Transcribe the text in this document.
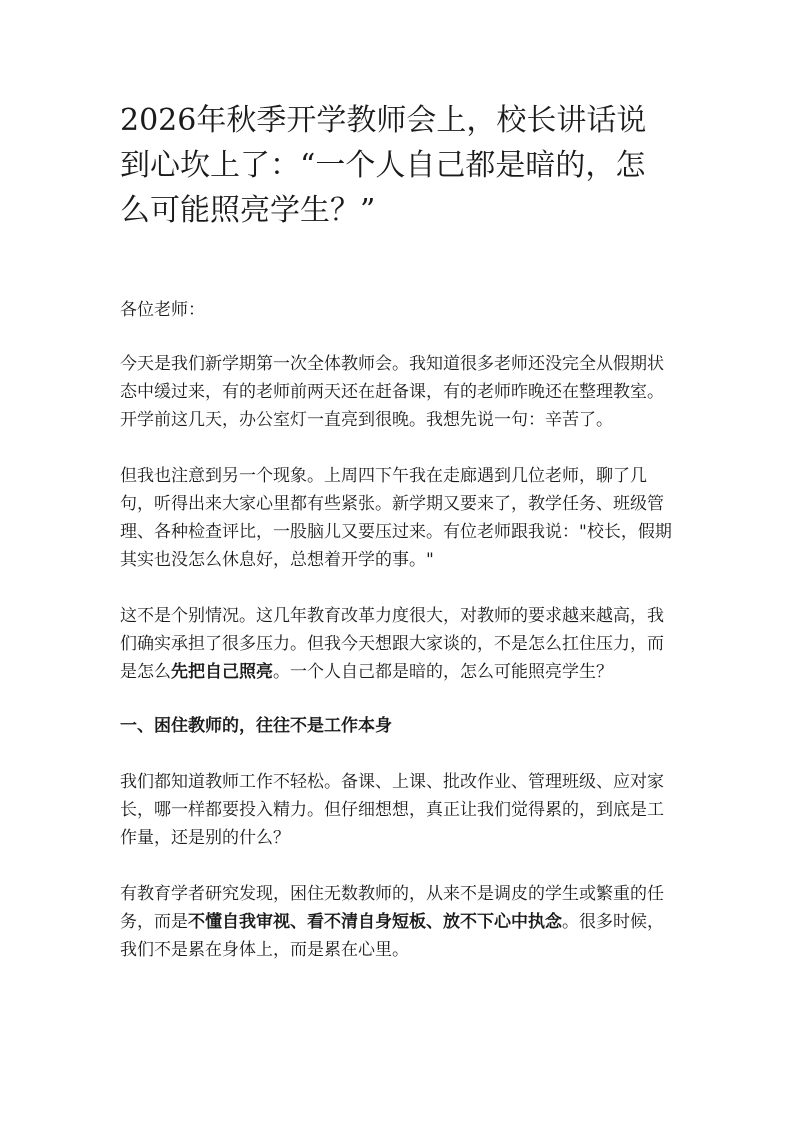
2026年秋季开学教师会上，校长讲话说到心坎上了：“一个人自己都是暗的，怎么可能照亮学生？”

各位老师：

今天是我们新学期第一次全体教师会。我知道很多老师还没完全从假期状态中缓过来，有的老师前两天还在赶备课，有的老师昨晚还在整理教室。开学前这几天，办公室灯一直亮到很晚。我想先说一句：辛苦了。

但我也注意到另一个现象。上周四下午我在走廊遇到几位老师，聊了几句，听得出来大家心里都有些紧张。新学期又要来了，教学任务、班级管理、各种检查评比，一股脑儿又要压过来。有位老师跟我说："校长，假期其实也没怎么休息好，总想着开学的事。"

这不是个别情况。这几年教育改革力度很大，对教师的要求越来越高，我们确实承担了很多压力。但我今天想跟大家谈的，不是怎么扛住压力，而是怎么先把自己照亮。一个人自己都是暗的，怎么可能照亮学生？

一、困住教师的，往往不是工作本身

我们都知道教师工作不轻松。备课、上课、批改作业、管理班级、应对家长，哪一样都要投入精力。但仔细想想，真正让我们觉得累的，到底是工作量，还是别的什么？

有教育学者研究发现，困住无数教师的，从来不是调皮的学生或繁重的任务，而是不懂自我审视、看不清自身短板、放不下心中执念。很多时候，我们不是累在身体上，而是累在心里。
